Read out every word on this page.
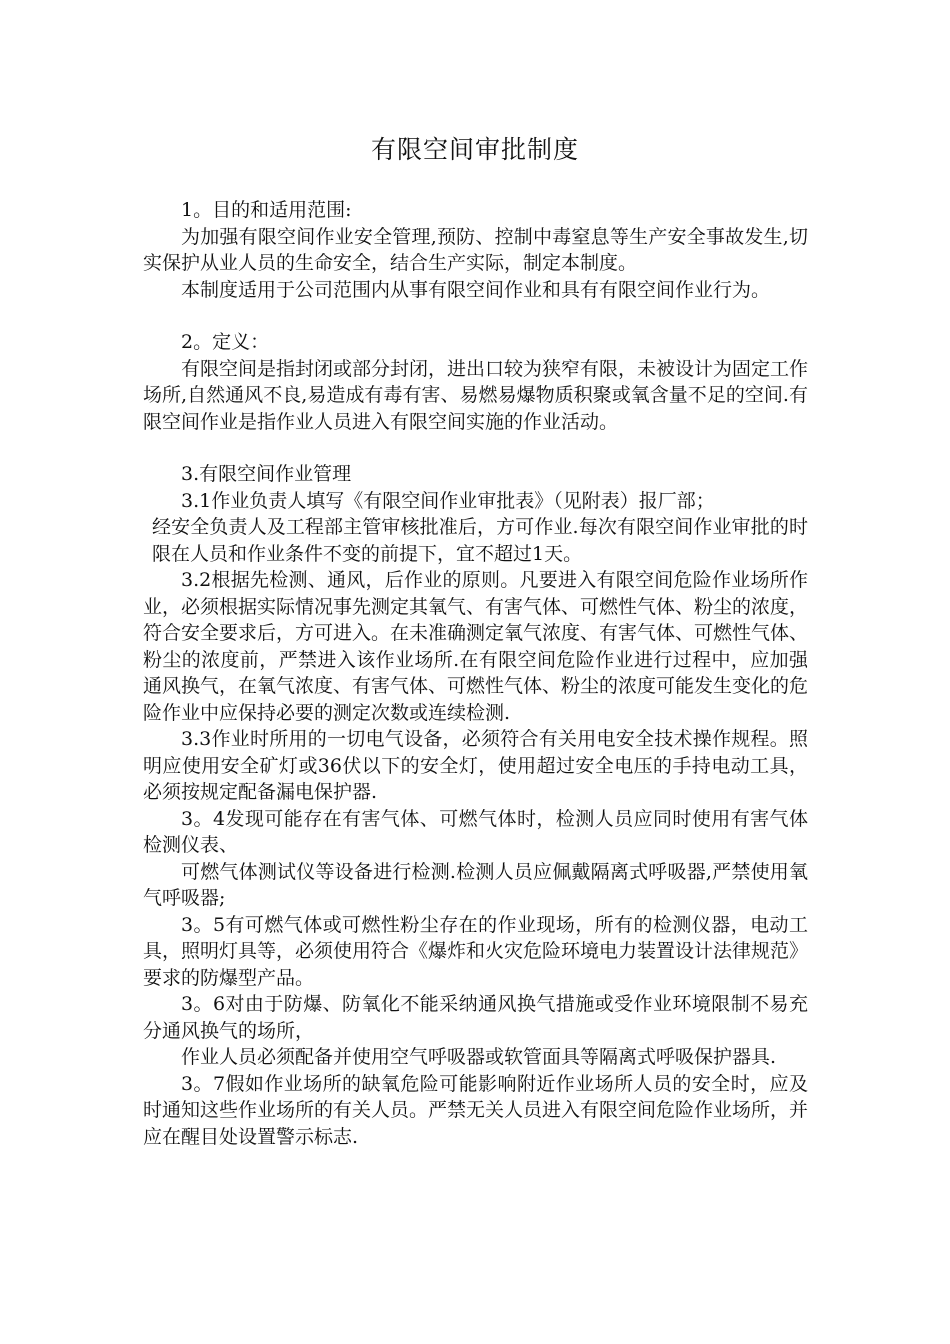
有限空间审批制度

1。目的和适用范围:

为加强有限空间作业安全管理,预防、控制中毒窒息等生产安全事故发生,切实保护从业人员的生命安全，结合生产实际，制定本制度。

本制度适用于公司范围内从事有限空间作业和具有有限空间作业行为。

2。定义：

有限空间是指封闭或部分封闭，进出口较为狭窄有限，未被设计为固定工作场所,自然通风不良,易造成有毒有害、易燃易爆物质积聚或氧含量不足的空间.有限空间作业是指作业人员进入有限空间实施的作业活动。

3.有限空间作业管理

3.1作业负责人填写《有限空间作业审批表》（见附表）报厂部；

经安全负责人及工程部主管审核批准后，方可作业.每次有限空间作业审批的时限在人员和作业条件不变的前提下，宜不超过1天。

3.2根据先检测、通风，后作业的原则。凡要进入有限空间危险作业场所作业，必须根据实际情况事先测定其氧气、有害气体、可燃性气体、粉尘的浓度，符合安全要求后，方可进入。在未准确测定氧气浓度、有害气体、可燃性气体、粉尘的浓度前，严禁进入该作业场所.在有限空间危险作业进行过程中，应加强通风换气，在氧气浓度、有害气体、可燃性气体、粉尘的浓度可能发生变化的危险作业中应保持必要的测定次数或连续检测.

3.3作业时所用的一切电气设备，必须符合有关用电安全技术操作规程。照明应使用安全矿灯或36伏以下的安全灯，使用超过安全电压的手持电动工具，必须按规定配备漏电保护器.

3。4发现可能存在有害气体、可燃气体时，检测人员应同时使用有害气体检测仪表、

可燃气体测试仪等设备进行检测.检测人员应佩戴隔离式呼吸器,严禁使用氧气呼吸器;

3。5有可燃气体或可燃性粉尘存在的作业现场，所有的检测仪器，电动工具，照明灯具等，必须使用符合《爆炸和火灾危险环境电力装置设计法律规范》要求的防爆型产品。

3。6对由于防爆、防氧化不能采纳通风换气措施或受作业环境限制不易充分通风换气的场所，

作业人员必须配备并使用空气呼吸器或软管面具等隔离式呼吸保护器具.

3。7假如作业场所的缺氧危险可能影响附近作业场所人员的安全时，应及时通知这些作业场所的有关人员。严禁无关人员进入有限空间危险作业场所，并应在醒目处设置警示标志.
